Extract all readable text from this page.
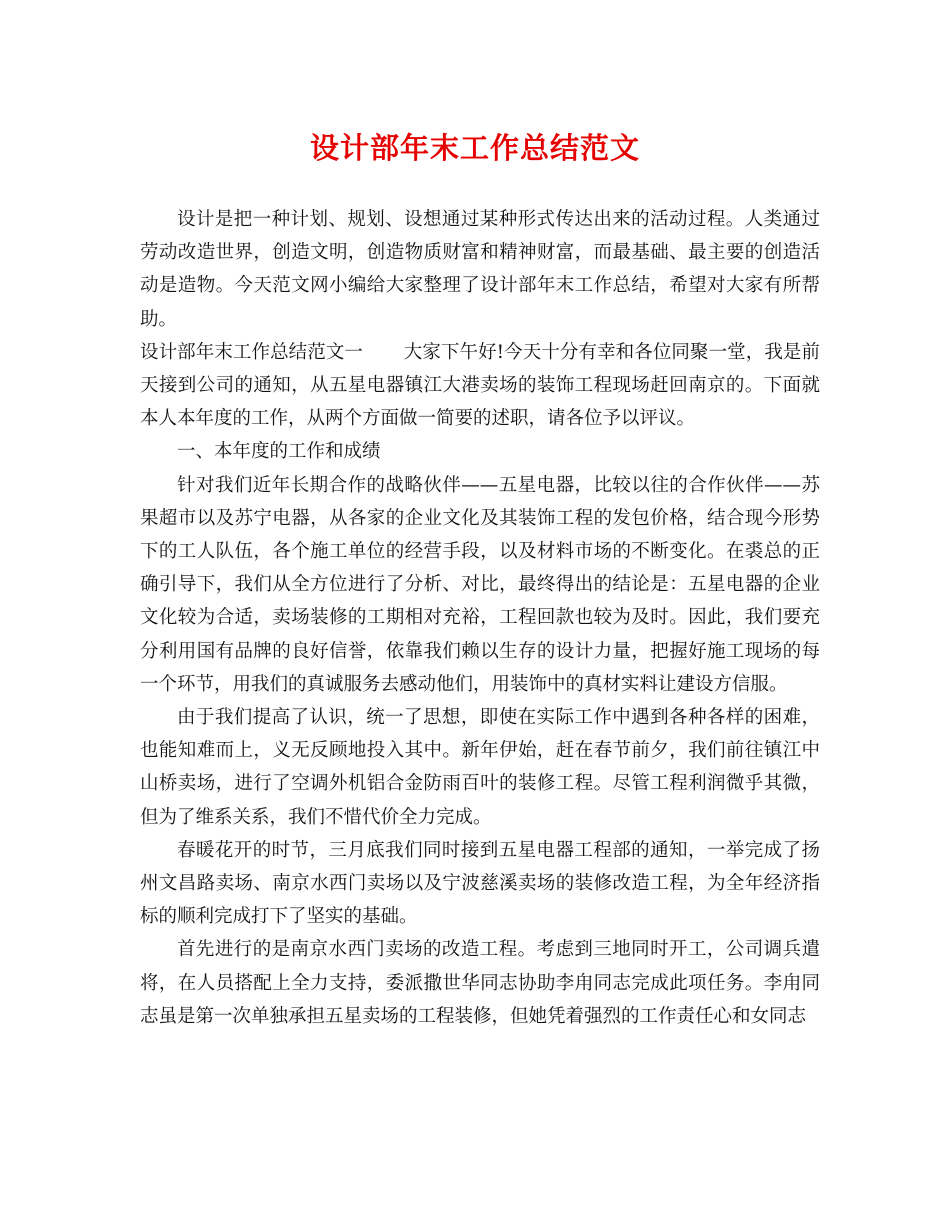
设计部年末工作总结范文

设计是把一种计划、规划、设想通过某种形式传达出来的活动过程。人类通过劳动改造世界，创造文明，创造物质财富和精神财富，而最基础、最主要的创造活动是造物。今天范文网小编给大家整理了设计部年末工作总结，希望对大家有所帮助。

设计部年末工作总结范文一 大家下午好!今天十分有幸和各位同聚一堂，我是前天接到公司的通知，从五星电器镇江大港卖场的装饰工程现场赶回南京的。下面就本人本年度的工作，从两个方面做一简要的述职，请各位予以评议。

一、本年度的工作和成绩

针对我们近年长期合作的战略伙伴——五星电器，比较以往的合作伙伴——苏果超市以及苏宁电器，从各家的企业文化及其装饰工程的发包价格，结合现今形势下的工人队伍，各个施工单位的经营手段，以及材料市场的不断变化。在裘总的正确引导下，我们从全方位进行了分析、对比，最终得出的结论是：五星电器的企业文化较为合适，卖场装修的工期相对充裕，工程回款也较为及时。因此，我们要充分利用国有品牌的良好信誉，依靠我们赖以生存的设计力量，把握好施工现场的每一个环节，用我们的真诚服务去感动他们，用装饰中的真材实料让建设方信服。

由于我们提高了认识，统一了思想，即使在实际工作中遇到各种各样的困难，也能知难而上，义无反顾地投入其中。新年伊始，赶在春节前夕，我们前往镇江中山桥卖场，进行了空调外机铝合金防雨百叶的装修工程。尽管工程利润微乎其微，但为了维系关系，我们不惜代价全力完成。

春暖花开的时节，三月底我们同时接到五星电器工程部的通知，一举完成了扬州文昌路卖场、南京水西门卖场以及宁波慈溪卖场的装修改造工程，为全年经济指标的顺利完成打下了坚实的基础。

首先进行的是南京水西门卖场的改造工程。考虑到三地同时开工，公司调兵遣将，在人员搭配上全力支持，委派撒世华同志协助李甪同志完成此项任务。李甪同志虽是第一次单独承担五星卖场的工程装修，但她凭着强烈的工作责任心和女同志
